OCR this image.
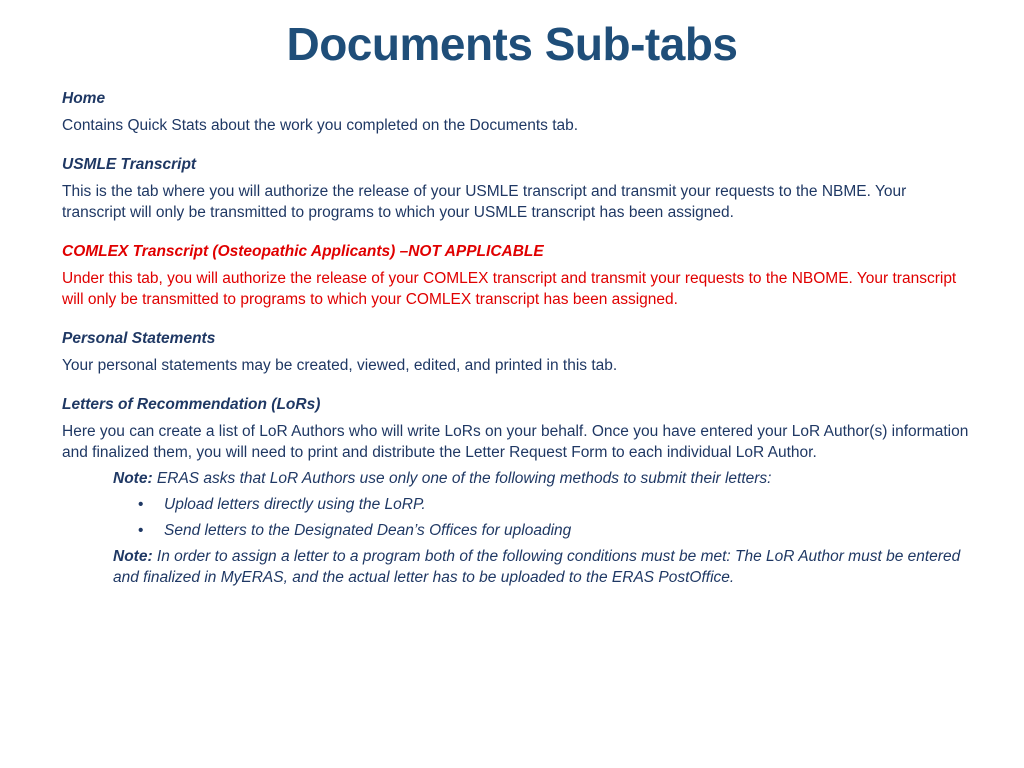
Documents Sub-tabs
Home
Contains Quick Stats about the work you completed on the Documents tab.
USMLE Transcript
This is the tab where you will authorize the release of your USMLE transcript and transmit your requests to the NBME. Your transcript will only be transmitted to programs to which your USMLE transcript has been assigned.
COMLEX Transcript (Osteopathic Applicants) –NOT APPLICABLE
Under this tab, you will authorize the release of your COMLEX transcript and transmit your requests to the NBOME. Your transcript will only be transmitted to programs to which your COMLEX transcript has been assigned.
Personal Statements
Your personal statements may be created, viewed, edited, and printed in this tab.
Letters of Recommendation (LoRs)
Here you can create a list of LoR Authors who will write LoRs on your behalf. Once you have entered your LoR Author(s) information and finalized them, you will need to print and distribute the Letter Request Form to each individual LoR Author.
Note: ERAS asks that LoR Authors use only one of the following methods to submit their letters:
• Upload letters directly using the LoRP.
• Send letters to the Designated Dean’s Offices for uploading
Note: In order to assign a letter to a program both of the following conditions must be met: The LoR Author must be entered and finalized in MyERAS, and the actual letter has to be uploaded to the ERAS PostOffice.
